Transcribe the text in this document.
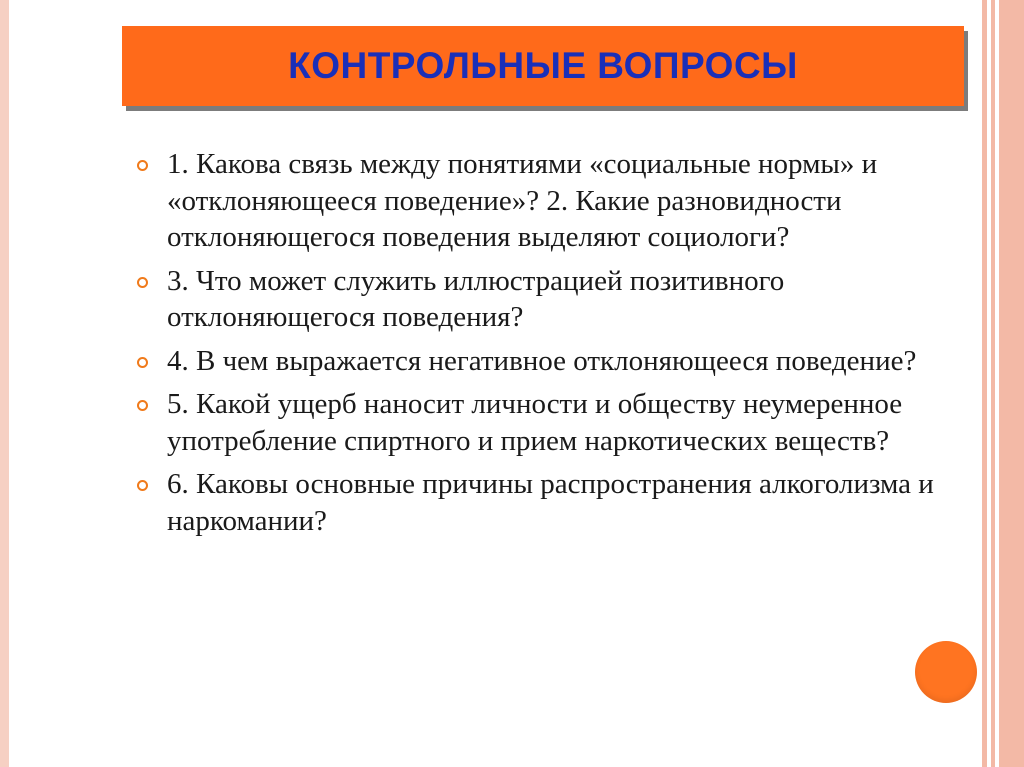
КОНТРОЛЬНЫЕ ВОПРОСЫ
1. Какова связь между понятиями «социальные нормы» и «отклоняющееся поведение»? 2. Какие разновидности отклоняющегося поведения выделяют социологи?
3. Что может служить иллюстрацией позитивного отклоняющегося поведения?
4. В чем выражается негативное отклоняющееся поведение?
5. Какой ущерб наносит личности и обществу неумеренное употребление спиртного и прием наркотических веществ?
6. Каковы основные причины распространения алкоголизма и наркомании?
